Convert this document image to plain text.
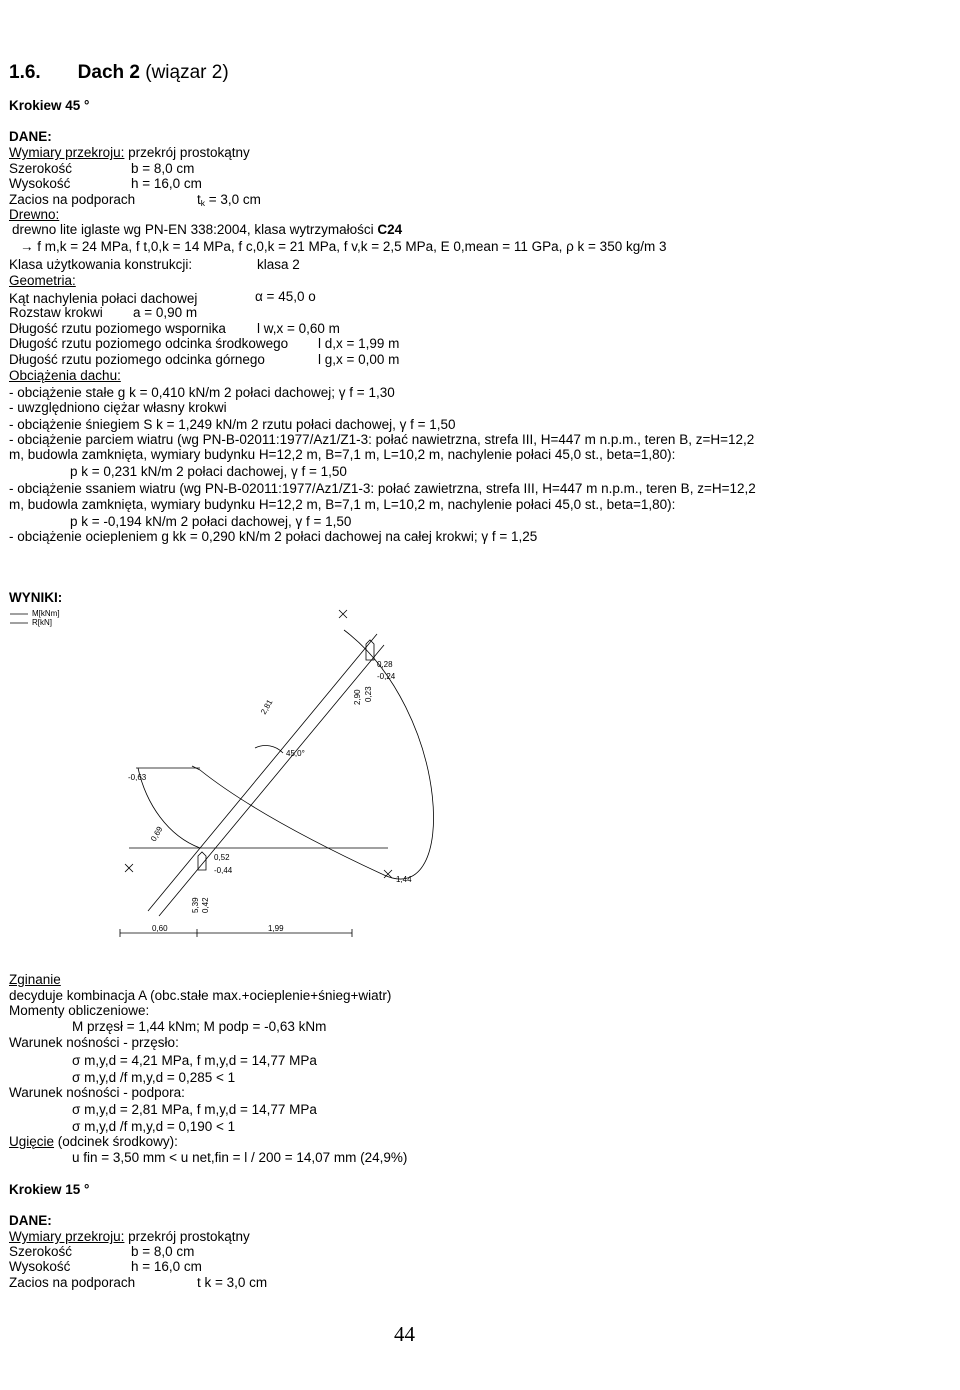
1.6. Dach 2 (wiązar 2)
Krokiew 45 °
DANE:
Wymiary przekroju: przekrój prostokątny
Szerokość	b = 8,0 cm
Wysokość	h = 16,0 cm
Zacios na podporach	$t_k = 3,0$ cm
Drewno:
drewno lite iglaste wg PN-EN 338:2004, klasa wytrzymałości C24
→ f m,k = 24 MPa, f t,0,k = 14 MPa, f c,0,k = 21 MPa, f v,k = 2,5 MPa, E 0,mean = 11 GPa, ρ k = 350 kg/m 3
Klasa użytkowania konstrukcji:	klasa 2
Geometria:
Kąt nachylenia połaci dachowej	α = 45,0 o
Rozstaw krokwi a = 0,90 m
Długość rzutu poziomego wspornika l w,x = 0,60 m
Długość rzutu poziomego odcinka środkowego l d,x = 1,99 m
Długość rzutu poziomego odcinka górnego	l g,x = 0,00 m
Obciążenia dachu:
- obciążenie stałe g k = 0,410 kN/m 2 połaci dachowej; γ f = 1,30
- uwzględniono ciężar własny krokwi
- obciążenie śniegiem S k = 1,249 kN/m 2 rzutu połaci dachowej, γ f = 1,50
- obciążenie parciem wiatru (wg PN-B-02011:1977/Az1/Z1-3: połać nawietrzna, strefa III, H=447 m n.p.m., teren B, z=H=12,2
m, budowla zamknięta, wymiary budynku H=12,2 m, B=7,1 m, L=10,2 m, nachylenie połaci 45,0 st., beta=1,80):
p k = 0,231 kN/m 2 połaci dachowej, γ f = 1,50
- obciążenie ssaniem wiatru (wg PN-B-02011:1977/Az1/Z1-3: połać zawietrzna, strefa III, H=447 m n.p.m., teren B, z=H=12,2
m, budowla zamknięta, wymiary budynku H=12,2 m, B=7,1 m, L=10,2 m, nachylenie połaci 45,0 st., beta=1,80):
p k = -0,194 kN/m 2 połaci dachowej, γ f = 1,50
- obciążenie ociepleniem g kk = 0,290 kN/m 2 połaci dachowej na całej krokwi; γ f = 1,25
WYNIKI:
M[kNm]
R[kN]
2,81
2,90 0,23
0,28
-0,24
45,0°
-0,63
0,69
0,52
-0,44
1,44
5,39 0,42
0,60	1,99
Zginanie
decyduje kombinacja A (obc.stałe max.+ocieplenie+śnieg+wiatr)
Momenty obliczeniowe:
M przęsł = 1,44 kNm; M podp = -0,63 kNm
Warunek nośności - przęsło:
σ m,y,d = 4,21 MPa, f m,y,d = 14,77 MPa
σ m,y,d /f m,y,d = 0,285 < 1
Warunek nośności - podpora:
σ m,y,d = 2,81 MPa, f m,y,d = 14,77 MPa
σ m,y,d /f m,y,d = 0,190 < 1
Ugięcie (odcinek środkowy):
u fin = 3,50 mm < u net,fin = l / 200 = 14,07 mm (24,9%)
Krokiew 15 °
DANE:
Wymiary przekroju: przekrój prostokątny
Szerokość	b = 8,0 cm
Wysokość	h = 16,0 cm
Zacios na podporach	t k = 3,0 cm
44
